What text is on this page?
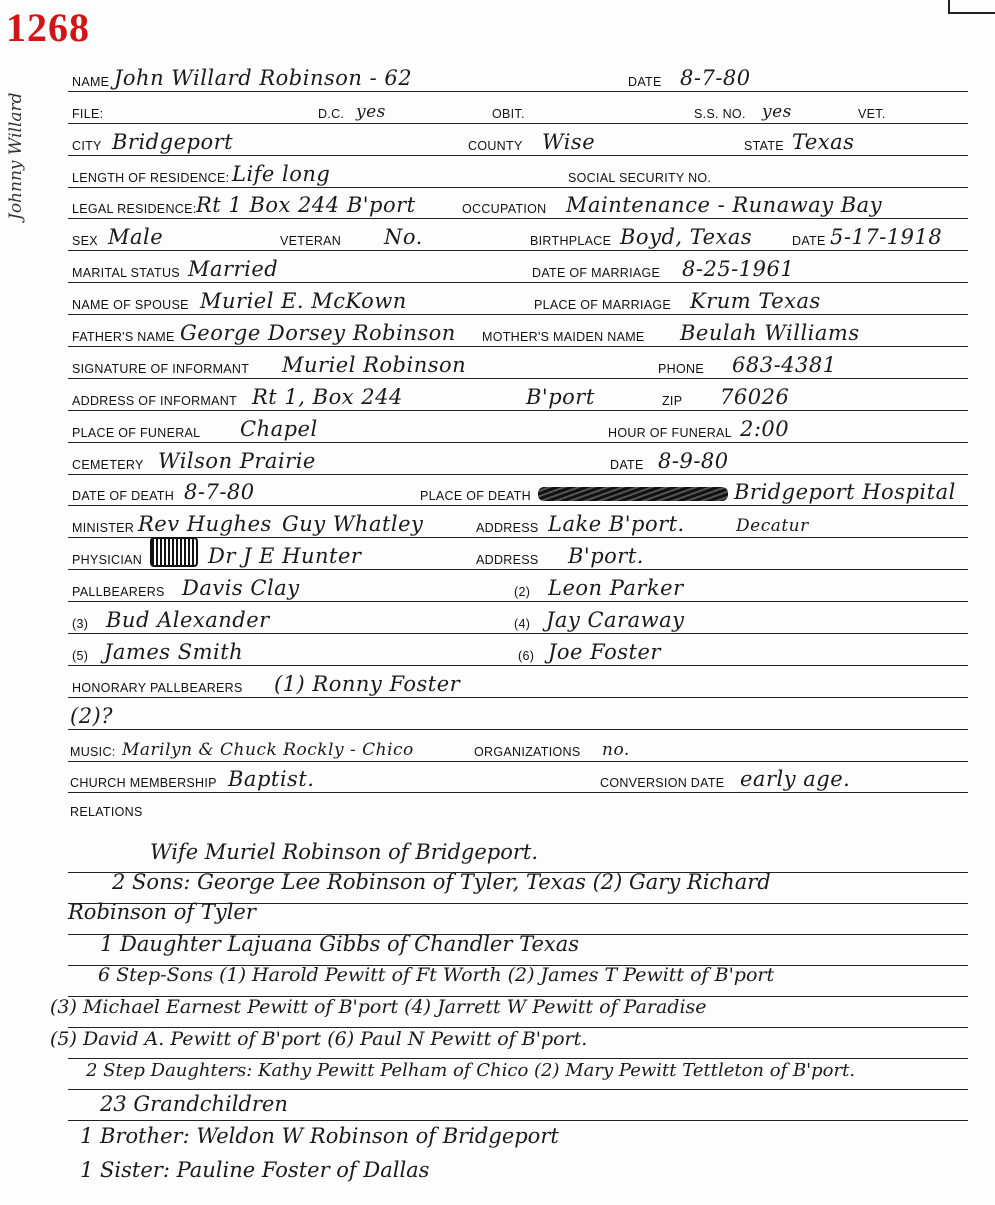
1268
Johnny Willard
NAME John Willard Robinson - 62	DATE 8-7-80
FILE:	D.C. yes	OBIT.	S.S. NO. yes	VET.
CITY Bridgeport	COUNTY Wise	STATE Texas
LENGTH OF RESIDENCE: Life long	SOCIAL SECURITY NO.
LEGAL RESIDENCE: Rt 1 Box 244 B'port	OCCUPATION Maintenance - Runaway Bay
SEX Male	VETERAN No.	BIRTHPLACE Boyd, Texas	DATE 5-17-1918
MARITAL STATUS Married	DATE OF MARRIAGE 8-25-1961
NAME OF SPOUSE Muriel E. McKown	PLACE OF MARRIAGE Krum Texas
FATHER'S NAME George Dorsey Robinson MOTHER'S MAIDEN NAME Beulah Williams
SIGNATURE OF INFORMANT Muriel Robinson	PHONE 683-4381
ADDRESS OF INFORMANT Rt 1, Box 244	B'port	ZIP 76026
PLACE OF FUNERAL Chapel	HOUR OF FUNERAL 2:00
CEMETERY Wilson Prairie	DATE 8-9-80
DATE OF DEATH 8-7-80	PLACE OF DEATH	Bridgeport Hospital
MINISTER Rev Hughes Guy Whatley	ADDRESS Lake B'port.	Decatur
PHYSICIAN	Dr J E Hunter	ADDRESS B'port.
PALLBEARERS Davis Clay	(2) Leon Parker
(3) Bud Alexander	(4) Jay Caraway
(5) James Smith	(6) Joe Foster
HONORARY PALLBEARERS (1) Ronny Foster
(2)?
MUSIC: Marilyn & Chuck Rockly - Chico	ORGANIZATIONS no.
CHURCH MEMBERSHIP Baptist.	CONVERSION DATE early age.
RELATIONS
Wife Muriel Robinson of Bridgeport.
2 Sons: George Lee Robinson of Tyler, Texas (2) Gary Richard
Robinson of Tyler
1 Daughter Lajuana Gibbs of Chandler Texas
6 Step-Sons (1) Harold Pewitt of Ft Worth (2) James T Pewitt of B'port
(3) Michael Earnest Pewitt of B'port (4) Jarrett W Pewitt of Paradise
(5) David A. Pewitt of B'port (6) Paul N Pewitt of B'port.
2 Step Daughters: Kathy Pewitt Pelham of Chico (2) Mary Pewitt Tettleton of B'port.
23 Grandchildren
1 Brother: Weldon W Robinson of Bridgeport
1 Sister: Pauline Foster of Dallas
